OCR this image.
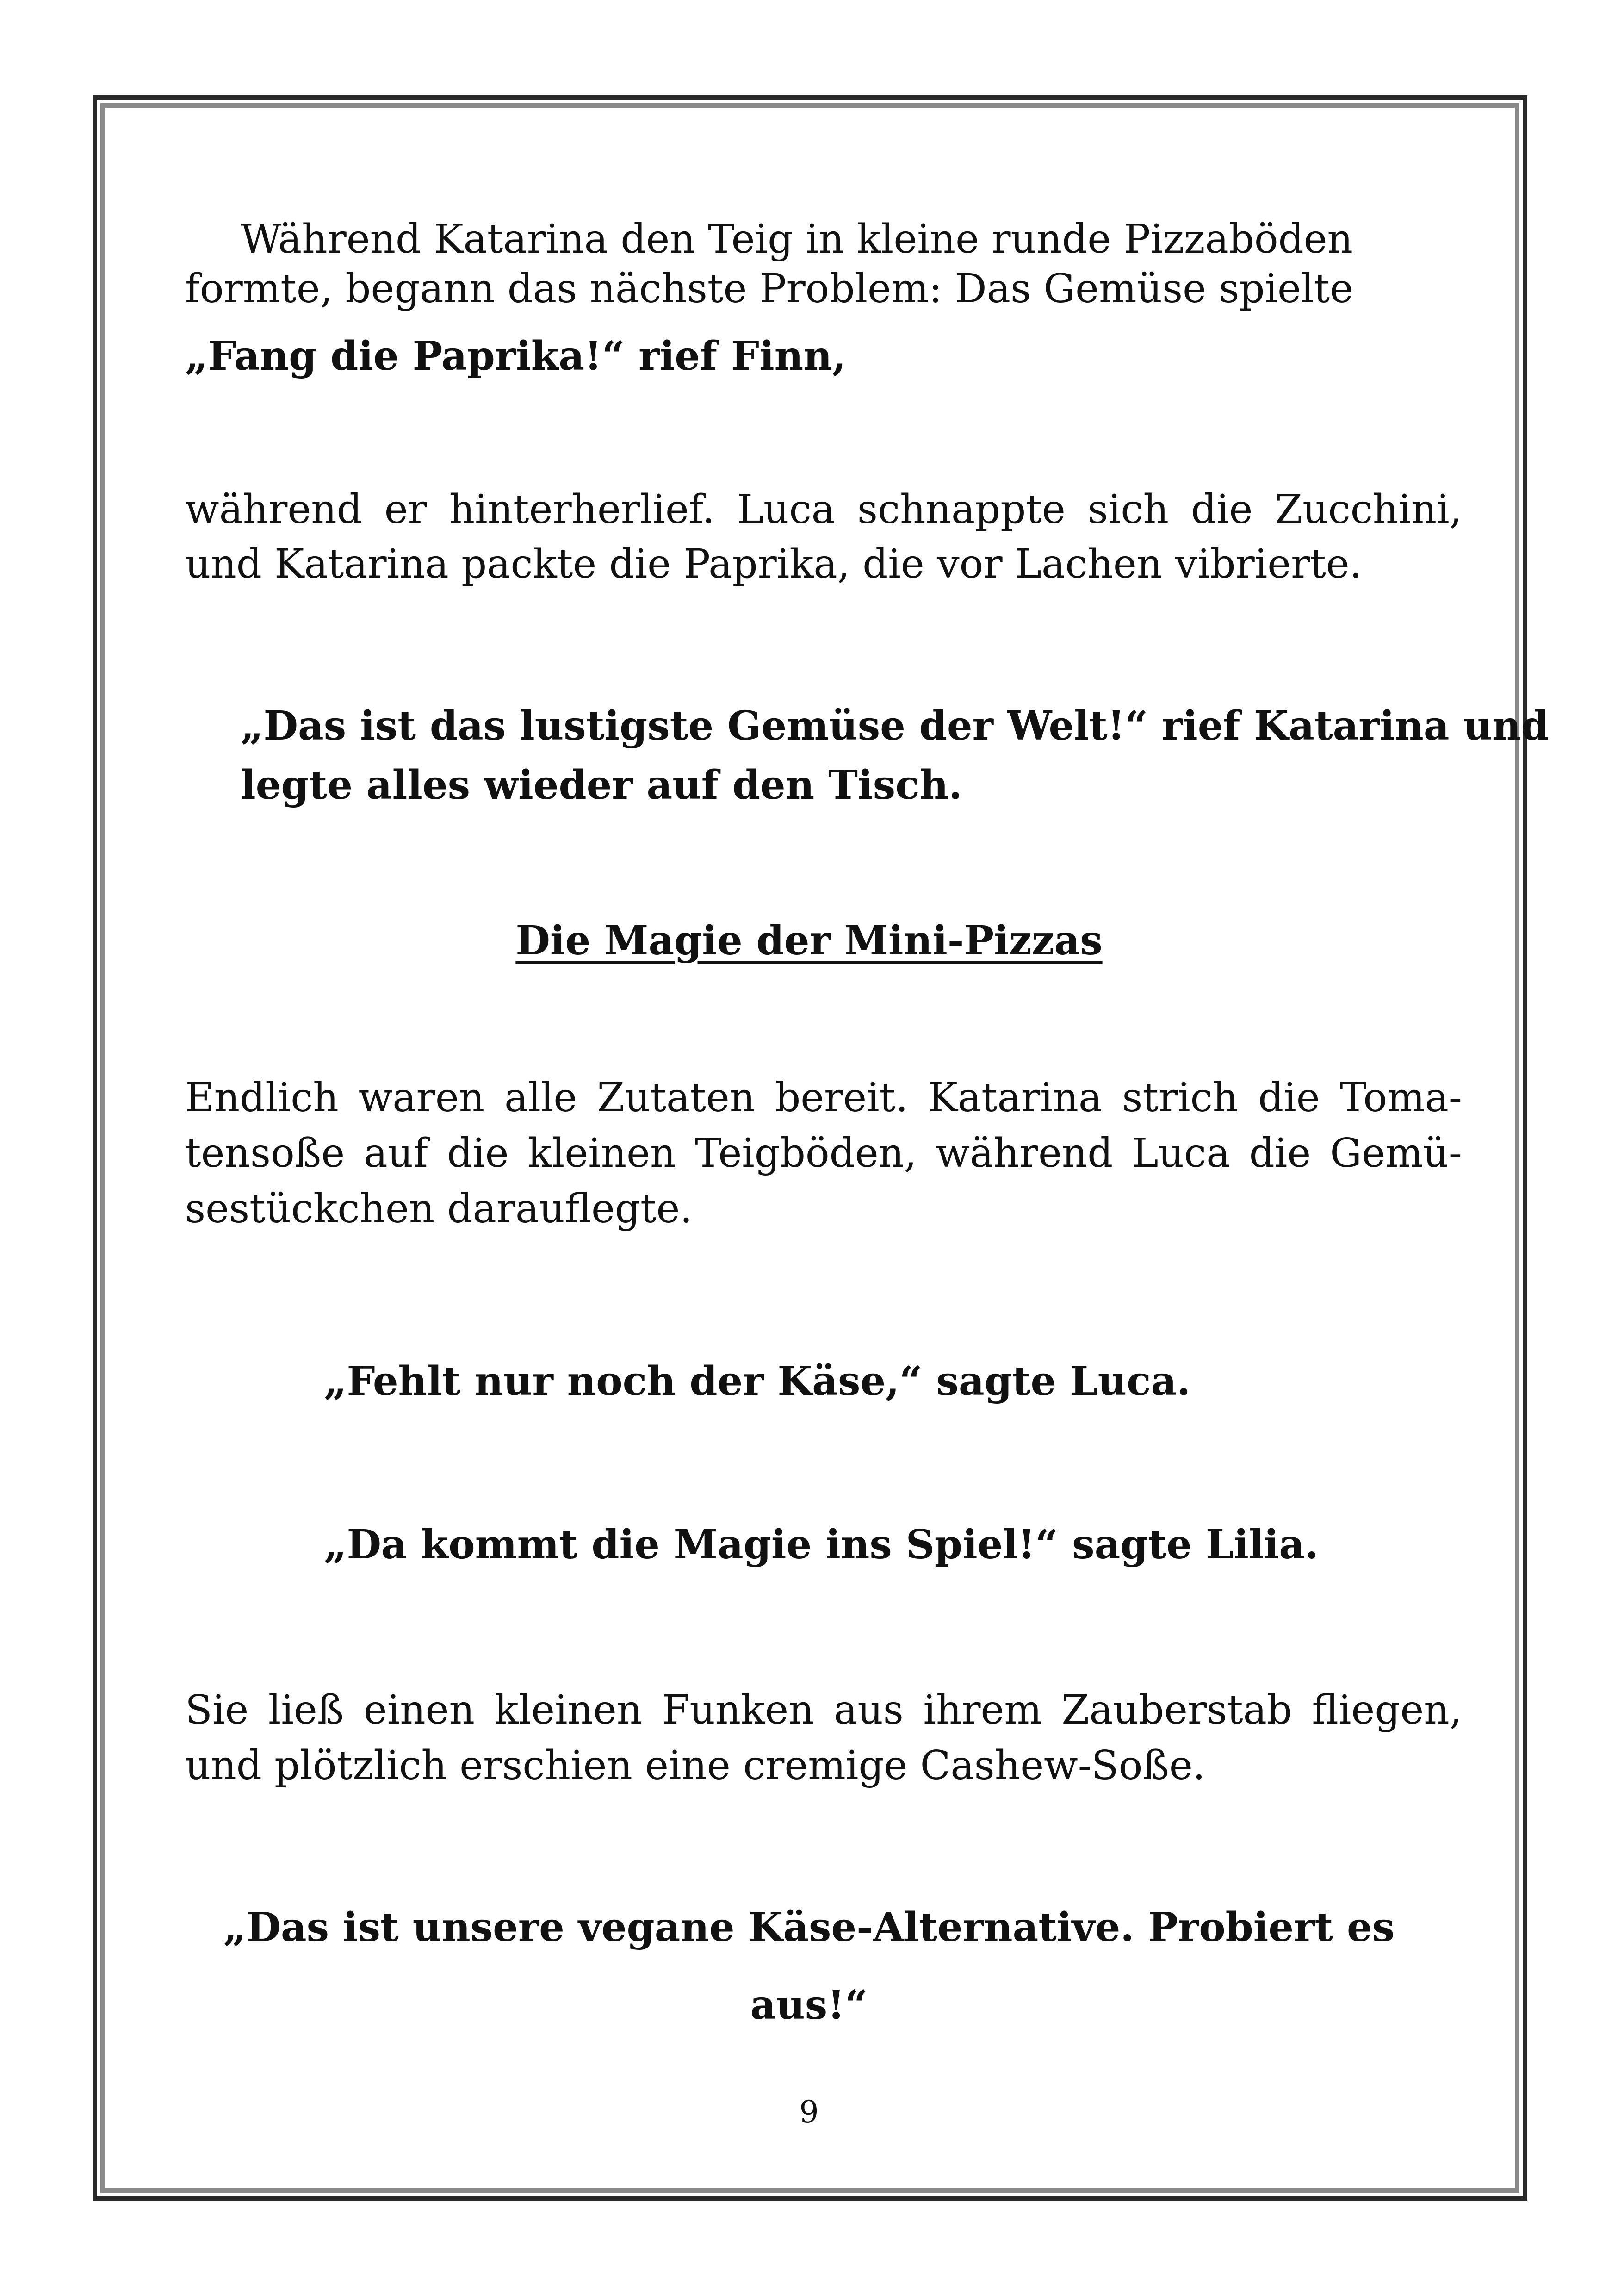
Während Katarina den Teig in kleine runde Pizzaböden
formte, begann das nächste Problem: Das Gemüse spielte
„Fang die Paprika!“ rief Finn,
während er hinterherlief. Luca schnappte sich die Zucchini,
und Katarina packte die Paprika, die vor Lachen vibrierte.
„Das ist das lustigste Gemüse der Welt!“ rief Katarina und
legte alles wieder auf den Tisch.
Die Magie der Mini-Pizzas
Endlich waren alle Zutaten bereit. Katarina strich die Toma-
tensoße auf die kleinen Teigböden, während Luca die Gemü-
sestückchen darauflegte.
„Fehlt nur noch der Käse,“ sagte Luca.
„Da kommt die Magie ins Spiel!“ sagte Lilia.
Sie ließ einen kleinen Funken aus ihrem Zauberstab fliegen,
und plötzlich erschien eine cremige Cashew-Soße.
„Das ist unsere vegane Käse-Alternative. Probiert es
aus!“
9
